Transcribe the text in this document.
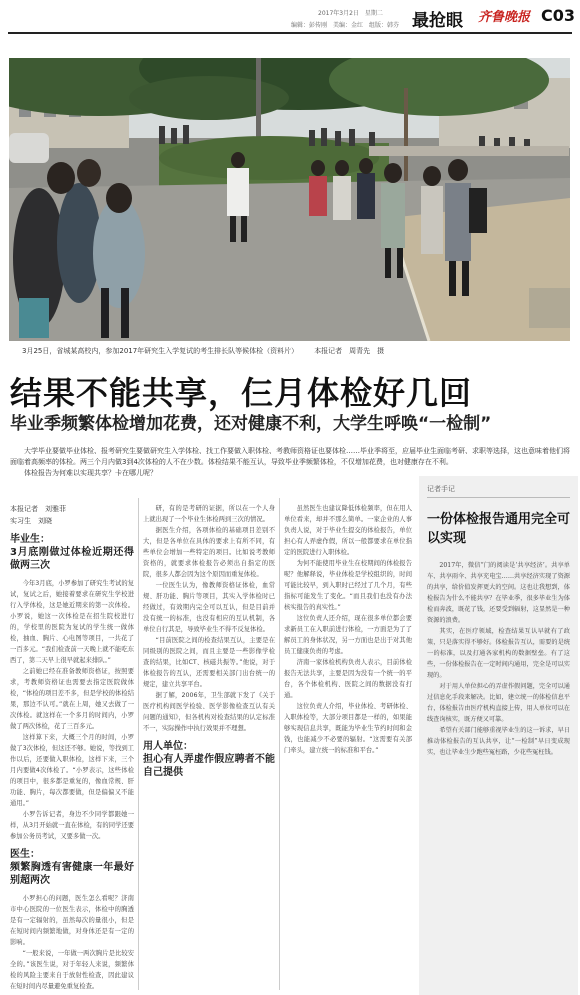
2017年3月2日　星期二
编辑：彭传刚　美编：金红　组版：韩芬 最抢眼 齐鲁晚报 C03
3月25日，省城某高校内，参加2017年研究生入学复试的考生排长队等候体检（资料片） 本报记者　周青先　摄
结果不能共享，仨月体检好几回
毕业季频繁体检增加花费，还对健康不利，大学生呼唤“一检制”
　　大学毕业要做毕业体检、报考研究生要做研究生入学体检、找工作要做入职体检、考教师资格证也要体检……毕业季将至，应届毕业生面临考研、求职等选择，这也意味着他们将面临着高频率的体检。两三个月内做3到4次体检的人不在少数。体检结果不能互认，导致毕业季频繁体检，不仅增加花费，也对健康存在不利。
　　体检报告为何难以实现共享？卡在哪儿呢？
本报记者　刘雅菲
实习生　刘晓
毕业生：
3月底刚做过体检近期还得做两三次

今年3月底，小罗参加了研究生考试的复试，复试之后，她接着要求在研究生学校进行入学体检，这是她近期来的第一次体检。小罗说，她这一次体检是在招生院校进行的，学校里的医院为复试的学生统一做体检，抽血、胸片、心电图等项目，一共花了一百多元。“我们检查前一天晚上就不能吃东西了，第二天早上很早就起来排队。”

之前她已经在准备教师资格证，按照要求，考教师资格证也需要去指定医院做体检，“体检的项目差不多，但是学校的体检结果，那边不认可。”就在上周，她又去做了一次体检。就这样在一个多月的时间内，小罗做了两次体检，花了三百多元。

这样算下来，大概三个月的时间，小罗做了3次体检，但这还不够。她说，等找到工作以后，还要做入职体检，这样下来，三个月内要做4次体检了。“小罗表示，这些体检的项目中，很多都是重复的，像血常规、肝功能、胸片，每次都要做，但是偏偏又不能通用。”

小罗告诉记者，身边不少同学都跟她一样，从3月开始就一直在体检，有的同学还要参加公务员考试，又要多做一次。

医生：
频繁胸透有害健康一年最好别超两次

小罗担心的问题，医生怎么看呢？济南市中心医院的一位医生表示，体检中的胸透是有一定辐射的，虽然每次的量很小，但是在短时间内频繁地做，对身体还是有一定的影响。

“一般来说，一年做一两次胸片是比较安全的。”该医生说，对于年轻人来说，频繁体检的风险主要来自于放射性检查，因此建议在短时间内尽量避免重复检查。

研，有的是考研的证据，所以在一个人身上就出现了一个毕业生体检两到三次的情况。

据医生介绍，各项体检的基础项目差别不大，但是各单位在具体的要求上有所不同，有些单位会增加一些特定的项目。比如说考教师资格的，就要求体检报告必须出自指定的医院，很多人都会因为这个原因而重复体检。

一位医生认为，像教师资格证体检，血常规、肝功能、胸片等项目，其实入学体检时已经做过，有效期内完全可以互认，但是目前并没有统一的标准，也没有相应的互认机制，各单位自行其是，导致毕业生不得不反复体检。

“目前医院之间的检查结果互认，主要是在同级别的医院之间，而且主要是一些影像学检查的结果，比如CT、核磁共振等。”他说，对于体检报告的互认，还需要相关部门出台统一的规定，建立共享平台。

据了解，2006年，卫生部就下发了《关于医疗机构间医学检验、医学影像检查互认有关问题的通知》，但各机构对检查结果的认定标准不一，实际操作中执行效果并不理想。

用人单位：
担心有人弄虚作假应聘者不能自己提供

虽然医生也建议降低体检频率，但在用人单位看来，却并不那么简单。一家企业的人事负责人说，对于毕业生提交的体检报告，单位担心有人弄虚作假，所以一般都要求在单位指定的医院进行入职体检。

为何不能使用毕业生在校期间的体检报告呢？他解释说，毕业体检是学校组织的，时间可能比较早，到入职时已经过了几个月，有些指标可能发生了变化。“而且我们也没有办法核实报告的真实性。”

这位负责人还介绍，现在很多单位都会要求新员工在入职前进行体检，一方面是为了了解员工的身体状况，另一方面也是出于对其他员工健康负责的考虑。

济南一家体检机构负责人表示，目前体检报告无法共享，主要是因为没有一个统一的平台，各个体检机构、医院之间的数据没有打通。

这位负责人介绍，毕业体检、考研体检、入职体检等，大部分项目都是一样的，如果能够实现信息共享，既能为毕业生节约时间和金钱，也能减少不必要的辐射。“这需要有关部门牵头，建立统一的标准和平台。”

记者手记
一份体检报告通用完全可以实现

2017年，微信“门的阅读是‘共享经济’。共享单车、共享雨伞、共享充电宝……共享经济实现了资源的共享，给价值发挥更大的空间。这也让我想到，体检报告为什么不能共享？在毕业季，很多毕业生为体检而奔波，既花了钱，还要受到辐射，这显然是一种资源的浪费。

其实，在医疗领域，检查结果互认早就有了政策，只是落实得不够好。体检报告互认，需要的是统一的标准，以及打通各家机构的数据壁垒。有了这些，一份体检报告在一定时间内通用，完全是可以实现的。

对于用人单位担心的弄虚作假问题，完全可以通过信息化手段来解决。比如，建立统一的体检信息平台，体检报告由医疗机构直接上传，用人单位可以在线查询核实，既方便又可靠。

希望有关部门能够重视毕业生的这一诉求，早日推动体检报告的互认共享，让“一检制”早日变成现实，也让毕业生少跑些冤枉路，少花些冤枉钱。
